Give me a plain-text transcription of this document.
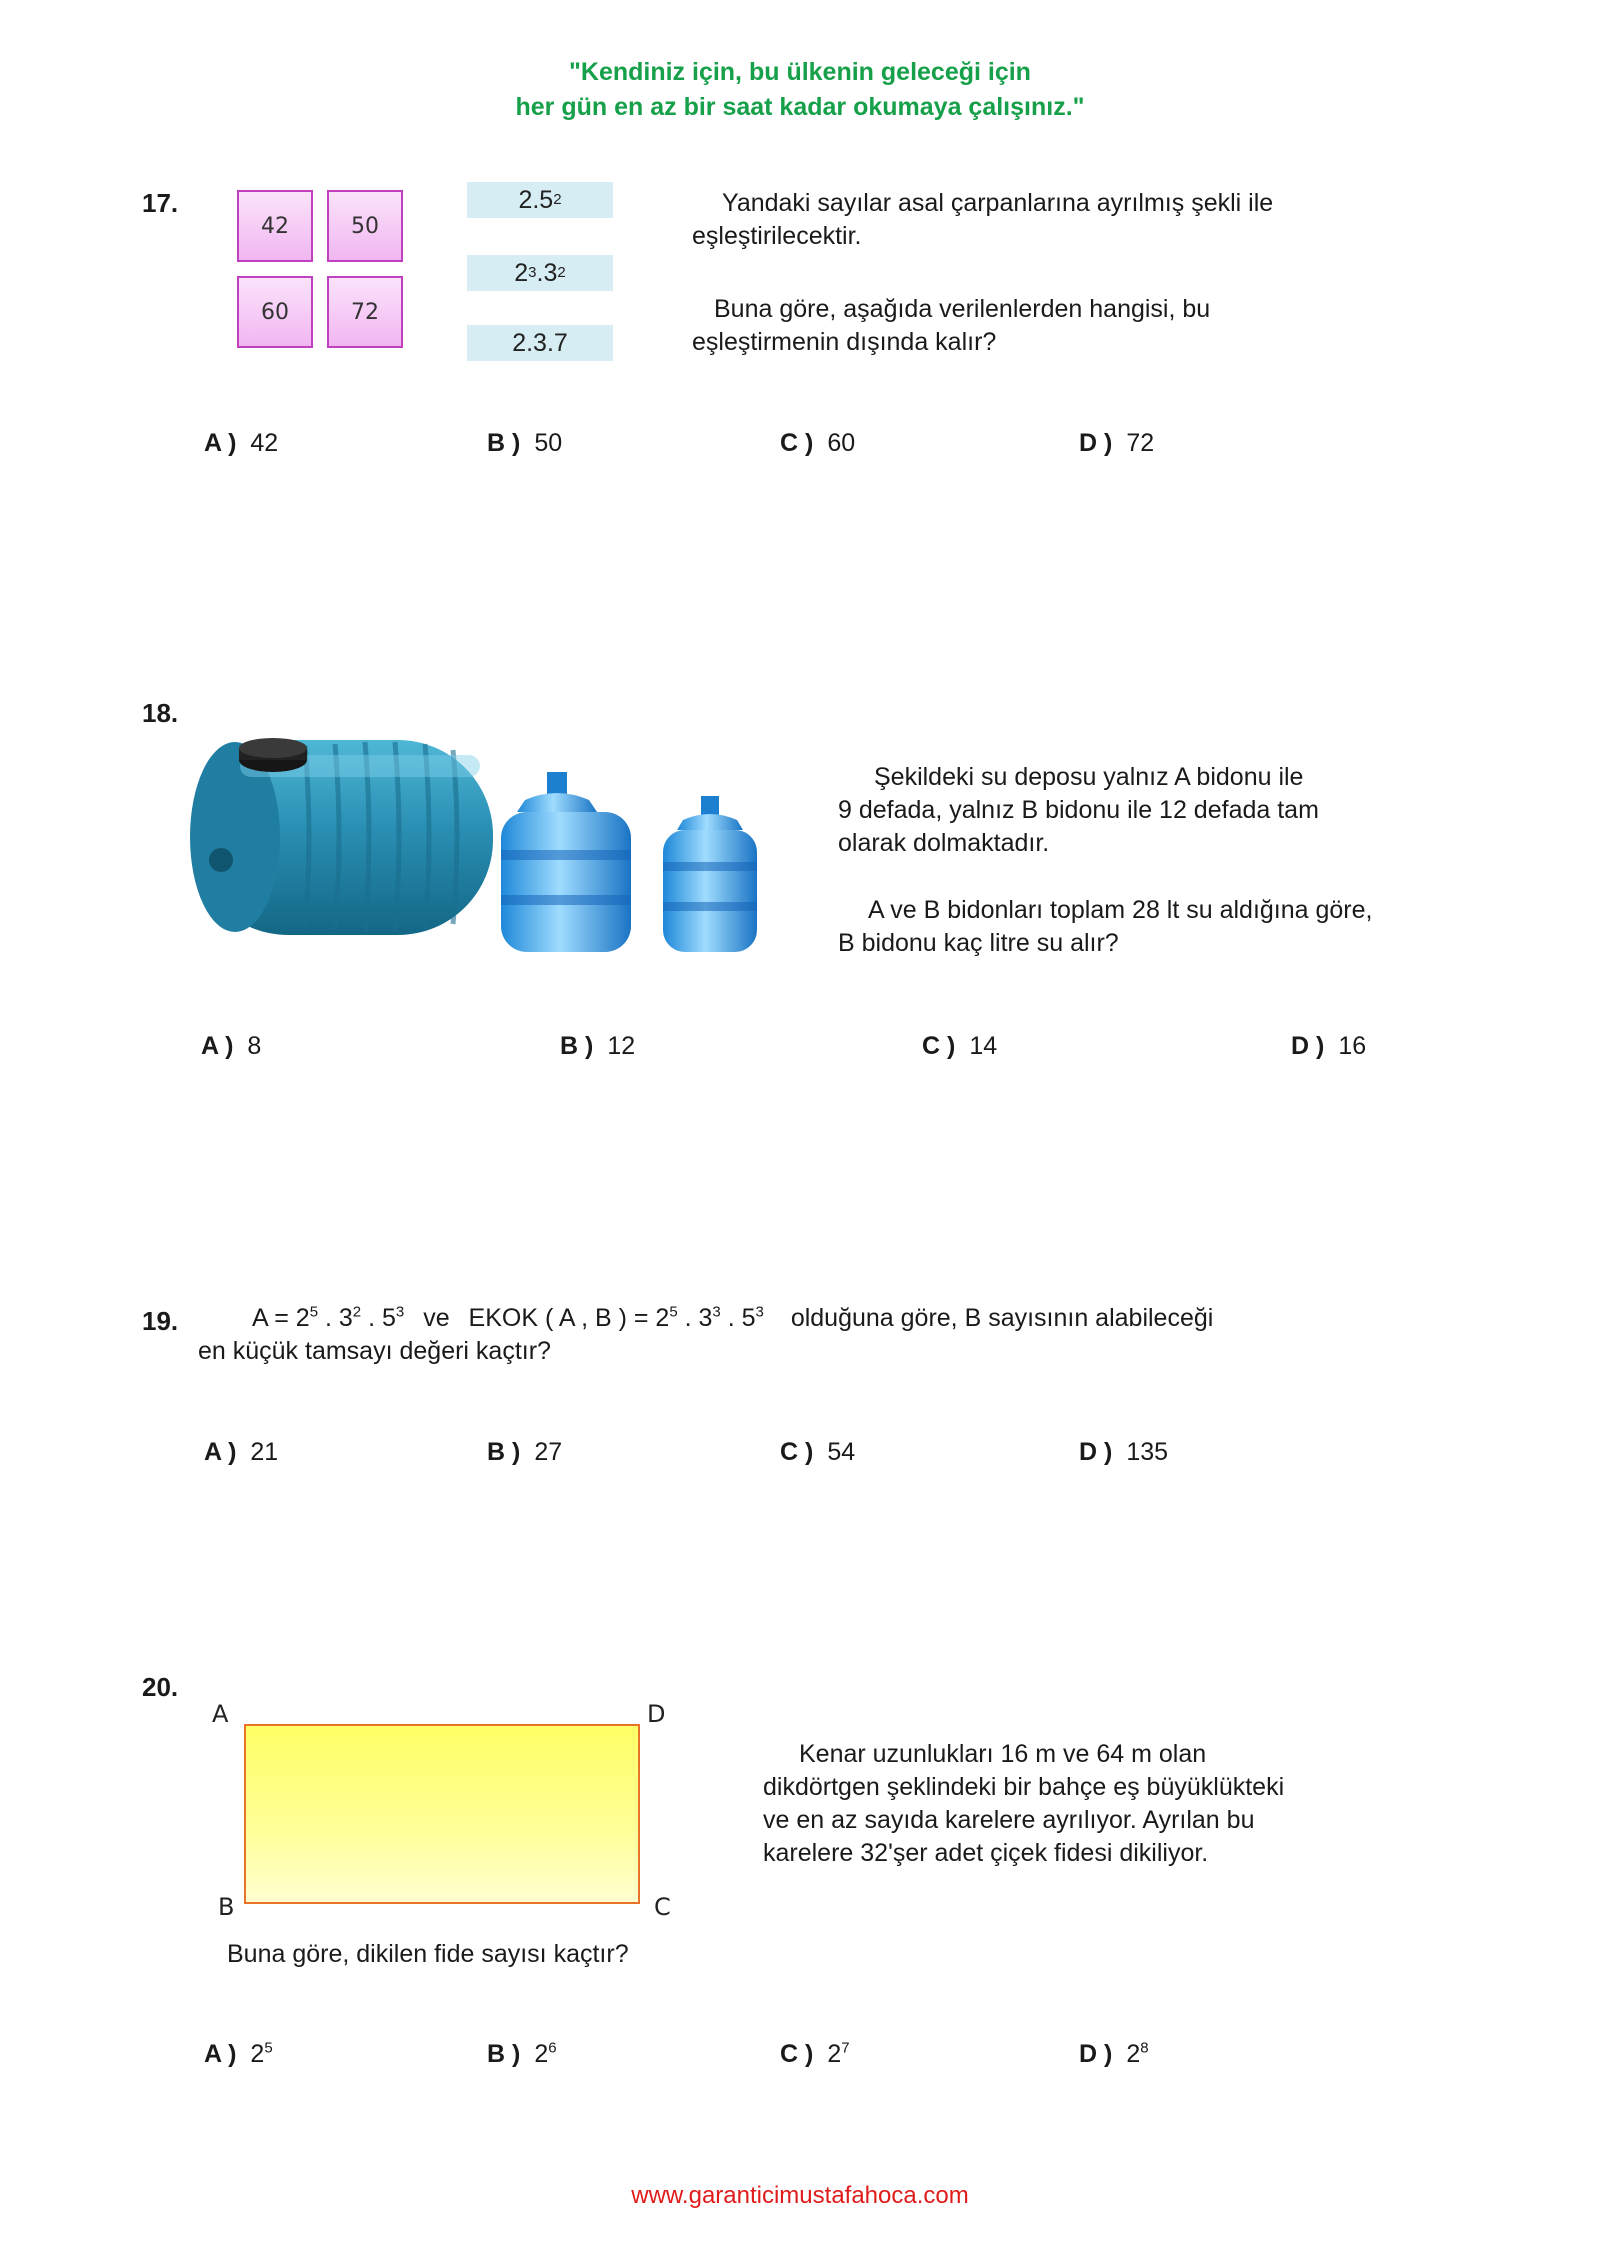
"Kendiniz için, bu ülkenin geleceği için
her gün en az bir saat kadar okumaya çalışınız."
17.
42	50
60	72
2.5 2
2 3 .3 2
2.3.7
Yandaki sayılar asal çarpanlarına ayrılmış şekli ile
eşleştirilecektir.
Buna göre, aşağıda verilenlerden hangisi, bu
eşleştirmenin dışında kalır?
A ) 42	B ) 50	C ) 60	D ) 72
18.
Şekildeki su deposu yalnız A bidonu ile
9 defada, yalnız B bidonu ile 12 defada tam
olarak dolmaktadır.
A ve B bidonları toplam 28 lt su aldığına göre,
B bidonu kaç litre su alır?
A ) 8	B ) 12	C ) 14	D ) 16
19.	$A = 2^5$ . $3^2$ . $5^3$ ve EKOK ( A , B ) = $2^5$ . $3^3$ . $5^3$ olduğuna göre, B sayısının alabileceği
en küçük tamsayı değeri kaçtır?
A ) 21	B ) 27	C ) 54	D ) 135
20.
A	D
B	C
Kenar uzunlukları 16 m ve 64 m olan
dikdörtgen şeklindeki bir bahçe eş büyüklükteki
ve en az sayıda karelere ayrılıyor. Ayrılan bu
karelere 32'şer adet çiçek fidesi dikiliyor.
Buna göre, dikilen fide sayısı kaçtır?
A ) $2^5$	B ) $2^6$	C ) $2^7$	D ) $2^8$
www.garanticimustafahoca.com
